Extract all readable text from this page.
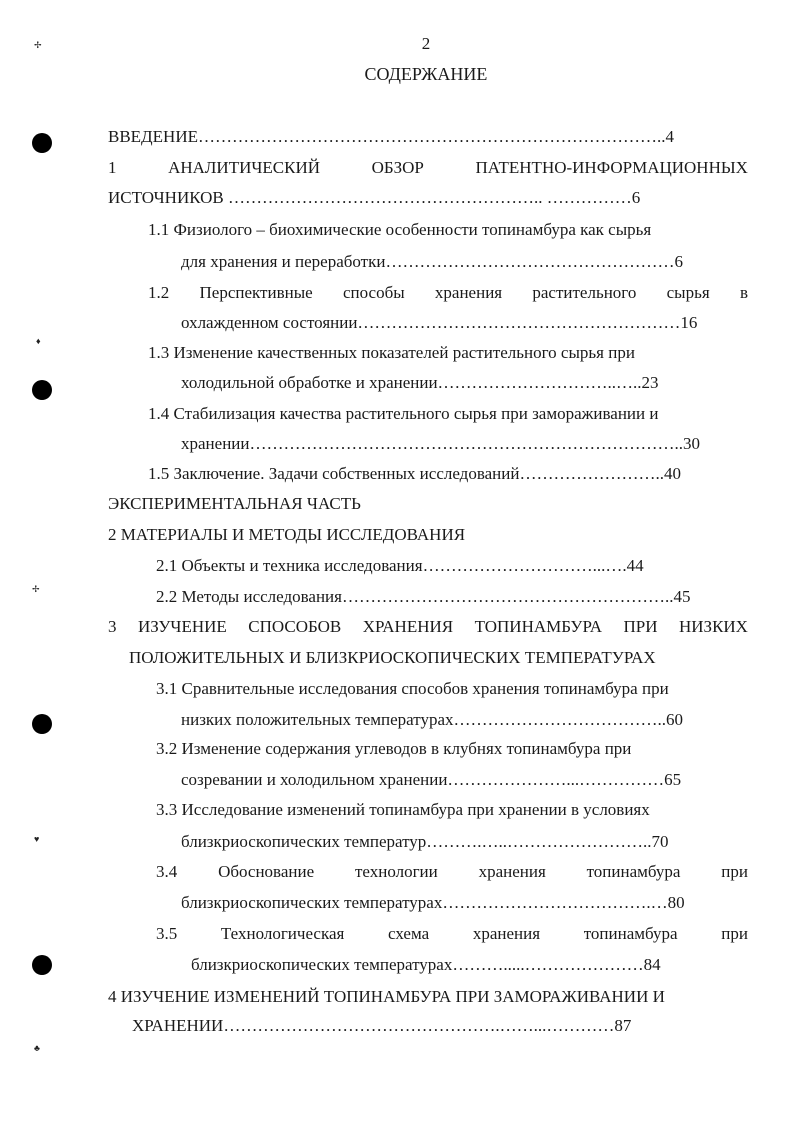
2
СОДЕРЖАНИЕ
✢
♦
✢
♥
♣
ВВЕДЕНИЕ………………………………………………………………………..4
1	АНАЛИТИЧЕСКИЙ	ОБЗОР	ПАТЕНТНО-ИНФОРМАЦИОННЫХ
ИСТОЧНИКОВ ……………………………………………….. ……………6
1.1 Физиолого – биохимические особенности топинамбура как сырья
для хранения и переработки……………………………………………6
1.2 Перспективные способы хранения растительного сырья в
охлажденном состоянии…………………………………………………16
1.3 Изменение качественных показателей растительного сырья при
холодильной обработке и хранении…………………………..…..23
1.4 Стабилизация качества растительного сырья при замораживании и
хранении…………………………………………………………………..30
1.5 Заключение. Задачи собственных исследований……………………..40
ЭКСПЕРИМЕНТАЛЬНАЯ ЧАСТЬ
2 МАТЕРИАЛЫ И МЕТОДЫ ИССЛЕДОВАНИЯ
2.1 Объекты и техника исследования…………………………...….44
2.2 Методы исследования…………………………………………………..45
3 ИЗУЧЕНИЕ СПОСОБОВ ХРАНЕНИЯ ТОПИНАМБУРА ПРИ НИЗКИХ
ПОЛОЖИТЕЛЬНЫХ И БЛИЗКРИОСКОПИЧЕСКИХ ТЕМПЕРАТУРАХ
3.1 Сравнительные исследования способов хранения топинамбура при
низких положительных температурах………………………………..60
3.2 Изменение содержания углеводов в клубнях топинамбура при
созревании и холодильном хранении…………………...……………65
3.3 Исследование изменений топинамбура при хранении в условиях
близкриоскопических температур……….…..……………………..70
3.4 Обоснование технологии хранения топинамбура при
близкриоскопических температурах……………………………….…80
3.5	Технологическая	схема	хранения	топинамбура	при
близкриоскопических температурах……….....…………………84
4 ИЗУЧЕНИЕ ИЗМЕНЕНИЙ ТОПИНАМБУРА ПРИ ЗАМОРАЖИВАНИИ И
ХРАНЕНИИ………………………………………….……...…………87
